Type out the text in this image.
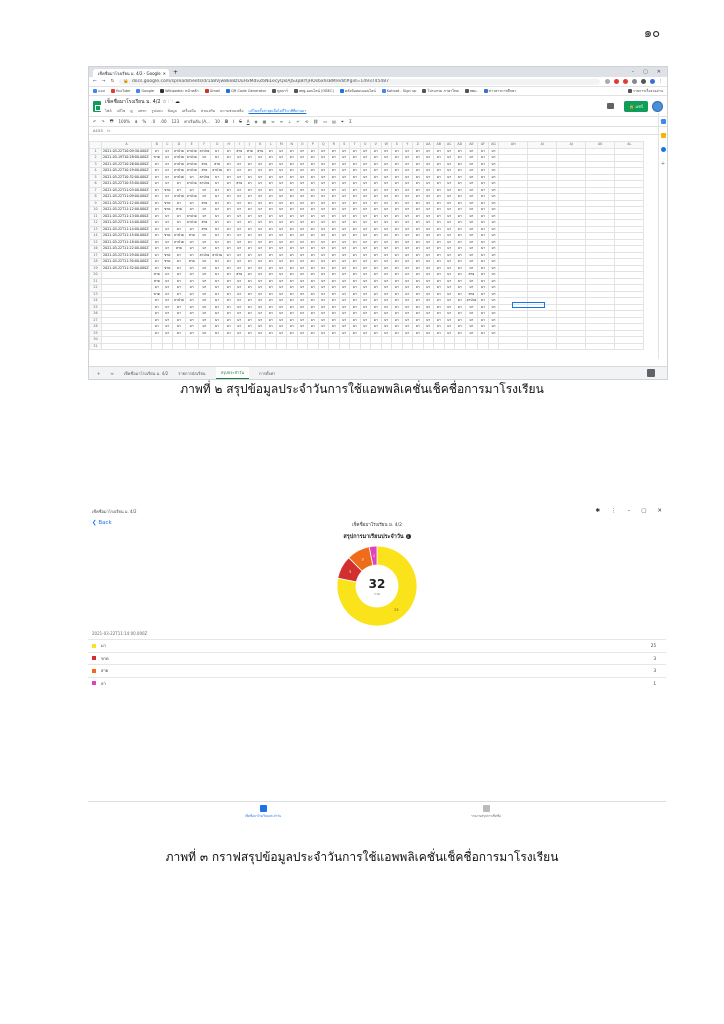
๑๐
เช็คชื่อมาโรงเรียน ม. 4/2 - Google ✕	+	– ▢ ✕
← → ↻ 🔒 docs.google.com/spreadsheets/d/1a8Vjw8ke8zUuHxMdvZ6NiLecyQxlAJS3pBlYjHOs6xhsBM/edit#gid=1493745487	⋮
แอป	YouTube	Google	Wikipedia: หน้าหลัก	Gmail	QR Code Generator	ทูลบาร์	สพฐ.ออนไลน์ (OBEC)	คลังข้อสอบออนไลน์	Kahoot - Sign up	โปรแกรม ภาษาไทย	สพม.	ข่าวสารการศึกษา	รายการเรื่องรออ่าน
เช็คชื่อมาโรงเรียน ม. 4/2 ☆ 🗀 ☁
ไฟล์ แก้ไข ดู แทรก รูปแบบ ข้อมูล เครื่องมือ ส่วนเสริม ความช่วยเหลือ แก้ไขครั้งล่าสุดเมื่อไม่กี่วินาทีที่ผ่านมา
🔒 แชร์
↶ ↷ 🖶 100% ฿ % .0 .00 123 ค่าเริ่มต้น (A... 10 B I S A ◈ ▦ ⇔ ≡ ⊥ ↵ ⟲ ⛓ ▭ ▤ ⏷ Σ
A153 fx
	A	B	C	D	E	F	G	H	I	J	K	L	M	N	O	P	Q	R	S	T	U	V	W	X	Y	Z	AA	AB	AC	AD	AE	AF	AG	AH	AI	AJ	AK	AL
1	2021-03-22T10:09:30.000Z	มา	มา	ลาป่วย	ลาป่วย	ลาป่วย	มา	มา	สาย	สาย	สาย	มา	มา	มา	มา	มา	มา	มา	มา	มา	มา	มา	มา	มา	มา	มา	มา	มา	มา	มา	มา	มา	มา					
2	2021-03-19T10:28:00.000Z	ขาด	มา	ลาป่วย	ลาป่วย	มา	มา	มา	มา	มา	มา	มา	มา	มา	มา	มา	มา	มา	มา	มา	มา	มา	มา	มา	มา	มา	มา	มา	มา	มา	มา	มา	มา					
3	2021-03-22T10:26:00.000Z	มา	มา	ลาป่วย	ลาป่วย	สาย	สาย	มา	มา	มา	มา	มา	มา	มา	มา	มา	มา	มา	มา	มา	มา	มา	มา	มา	มา	มา	มา	มา	มา	มา	มา	มา	มา					
4	2021-03-22T10:29:00.000Z	มา	มา	ลาป่วย	ลาป่วย	สาย	ลาป่วย	มา	มา	มา	มา	มา	มา	มา	มา	มา	มา	มา	มา	มา	มา	มา	มา	มา	มา	มา	มา	มา	มา	มา	มา	มา	มา					
5	2021-03-22T10:32:00.000Z	มา	มา	ลาป่วย	มา	ลาป่วย	มา	มา	มา	มา	มา	มา	มา	มา	มา	มา	มา	มา	มา	มา	มา	มา	มา	มา	มา	มา	มา	มา	มา	มา	มา	มา	มา					
6	2021-03-22T10:55:00.000Z	มา	มา	มา	ลาป่วย	ลาป่วย	มา	มา	สาย	มา	มา	มา	มา	มา	มา	มา	มา	มา	มา	มา	มา	มา	มา	มา	มา	มา	มา	มา	มา	มา	มา	มา	มา					
7	2021-03-22T11:03:00.000Z	มา	ขาด	มา	มา	มา	มา	มา	มา	มา	มา	มา	มา	มา	มา	มา	มา	มา	มา	มา	มา	มา	มา	มา	มา	มา	มา	มา	มา	มา	มา	มา	มา					
8	2021-03-22T11:09:00.000Z	มา	มา	ลาป่วย	ลาป่วย	มา	มา	มา	มา	มา	มา	มา	มา	มา	มา	มา	มา	มา	มา	มา	มา	มา	มา	มา	มา	มา	มา	มา	มา	มา	มา	มา	มา					
9	2021-03-22T11:12:00.000Z	มา	ขาด	มา	มา	สาย	มา	มา	มา	มา	มา	มา	มา	มา	มา	มา	มา	มา	มา	มา	มา	มา	มา	มา	มา	มา	มา	มา	มา	มา	มา	มา	มา					
10	2021-03-22T11:12:00.000Z	มา	ขาด	สาย	มา	มา	มา	มา	มา	มา	มา	มา	มา	มา	มา	มา	มา	มา	มา	มา	มา	มา	มา	มา	มา	มา	มา	มา	มา	มา	มา	มา	มา					
11	2021-03-22T11:13:00.000Z	มา	มา	มา	ลาป่วย	มา	มา	มา	มา	มา	มา	มา	มา	มา	มา	มา	มา	มา	มา	มา	มา	มา	มา	มา	มา	มา	มา	มา	มา	มา	มา	มา	มา					
12	2021-03-22T11:14:00.000Z	มา	มา	มา	ลาป่วย	สาย	มา	มา	มา	มา	มา	มา	มา	มา	มา	มา	มา	มา	มา	มา	มา	มา	มา	มา	มา	มา	มา	มา	มา	มา	มา	มา	มา					
13	2021-03-22T11:14:00.000Z	มา	มา	มา	มา	สาย	มา	มา	มา	มา	มา	มา	มา	มา	มา	มา	มา	มา	มา	มา	มา	มา	มา	มา	มา	มา	มา	มา	มา	มา	มา	มา	มา					
14	2021-03-22T11:15:00.000Z	มา	ขาด	ลาป่วย	สาย	มา	มา	มา	มา	มา	มา	มา	มา	มา	มา	มา	มา	มา	มา	มา	มา	มา	มา	มา	มา	มา	มา	มา	มา	มา	มา	มา	มา					
15	2021-03-22T11:18:00.000Z	มา	มา	ลาป่วย	มา	มา	มา	มา	มา	มา	มา	มา	มา	มา	มา	มา	มา	มา	มา	มา	มา	มา	มา	มา	มา	มา	มา	มา	มา	มา	มา	มา	มา					
16	2021-03-22T11:22:00.000Z	มา	มา	สาย	มา	มา	มา	มา	มา	มา	มา	มา	มา	มา	มา	มา	มา	มา	มา	มา	มา	มา	มา	มา	มา	มา	มา	มา	มา	มา	มา	มา	มา					
17	2021-03-22T11:29:00.000Z	มา	ขาด	มา	มา	ลาป่วย	ลาป่วย	มา	มา	มา	มา	มา	มา	มา	มา	มา	มา	มา	มา	มา	มา	มา	มา	มา	มา	มา	มา	มา	มา	มา	มา	มา	มา					
18	2021-03-22T11:30:00.000Z	มา	ขาด	มา	สาย	มา	มา	มา	มา	มา	มา	มา	มา	มา	มา	มา	มา	มา	มา	มา	มา	มา	มา	มา	มา	มา	มา	มา	มา	มา	มา	มา	มา					
19	2021-03-22T11:32:00.000Z	มา	ขาด	มา	มา	มา	มา	มา	มา	มา	มา	มา	มา	มา	มา	มา	มา	มา	มา	มา	มา	มา	มา	มา	มา	มา	มา	มา	มา	มา	มา	มา	มา					
20		สาย	มา	มา	มา	มา	มา	มา	สาย	มา	มา	มา	มา	มา	มา	มา	มา	มา	มา	มา	มา	มา	มา	มา	มา	มา	มา	มา	มา	มา	สาย	มา	มา					
21		สาย	มา	มา	มา	มา	มา	มา	มา	มา	มา	มา	มา	มา	มา	มา	มา	มา	มา	มา	มา	มา	มา	มา	มา	มา	มา	มา	มา	มา	มา	มา	มา					
22		มา	มา	มา	มา	มา	มา	มา	มา	มา	มา	มา	มา	มา	มา	มา	มา	มา	มา	มา	มา	มา	มา	มา	มา	มา	มา	มา	มา	มา	มา	มา	มา					
23		ขาด	มา	มา	มา	มา	มา	มา	มา	มา	มา	มา	มา	มา	มา	มา	มา	มา	มา	มา	มา	มา	มา	มา	มา	มา	มา	มา	มา	มา	สาย	มา	มา					
24		มา	มา	ลาป่วย	มา	มา	มา	มา	มา	มา	มา	มา	มา	มา	มา	มา	มา	มา	มา	มา	มา	มา	มา	มา	มา	มา	มา	มา	มา	มา	ลาป่วย	มา	มา					
25		มา	มา	มา	มา	มา	มา	มา	มา	มา	มา	มา	มา	มา	มา	มา	มา	มา	มา	มา	มา	มา	มา	มา	มา	มา	มา	มา	มา	มา	มา	มา	มา					
26		มา	มา	มา	มา	มา	มา	มา	มา	มา	มา	มา	มา	มา	มา	มา	มา	มา	มา	มา	มา	มา	มา	มา	มา	มา	มา	มา	มา	มา	มา	มา	มา					
27		มา	มา	มา	มา	มา	มา	มา	มา	มา	มา	มา	มา	มา	มา	มา	มา	มา	มา	มา	มา	มา	มา	มา	มา	มา	มา	มา	มา	มา	มา	มา	มา					
28		มา	มา	มา	มา	มา	มา	มา	มา	มา	มา	มา	มา	มา	มา	มา	มา	มา	มา	มา	มา	มา	มา	มา	มา	มา	มา	มา	มา	มา	มา	มา	มา					
29		มา	มา	มา	มา	มา	มา	มา	มา	มา	มา	มา	มา	มา	มา	มา	มา	มา	มา	มา	มา	มา	มา	มา	มา	มา	มา	มา	มา	มา	มา	มา	มา					
30																																						
31																																						
+
+	≡	เช็คชื่อมาโรงเรียน ม. 4/2	รายการนักเรียน	สรุปประจำวัน	การตั้งค่า
ภาพที่ ๒ สรุปข้อมูลประจำวันการใช้แอพพลิเคชั่นเช็คชื่อการมาโรงเรียน
เช็คชื่อมาโรงเรียน ม. 4/2	✱ ⋮ – ▢ ✕
❮ Back	เช็คชื่อมาโรงเรียน ม. 4/2
สรุปการมาเรียนประจำวัน i
25
3
3
1
32
รวม
2021-03-22T11:14:00.000Z
มา	25
ขาด	3
สาย	3
ลา	1
เช็คชื่อมาโรงเรียนประจำวัน	รายงานสรุปการเช็คชื่อ
ภาพที่ ๓ กราฟสรุปข้อมูลประจำวันการใช้แอพพลิเคชั่นเช็คชื่อการมาโรงเรียน
